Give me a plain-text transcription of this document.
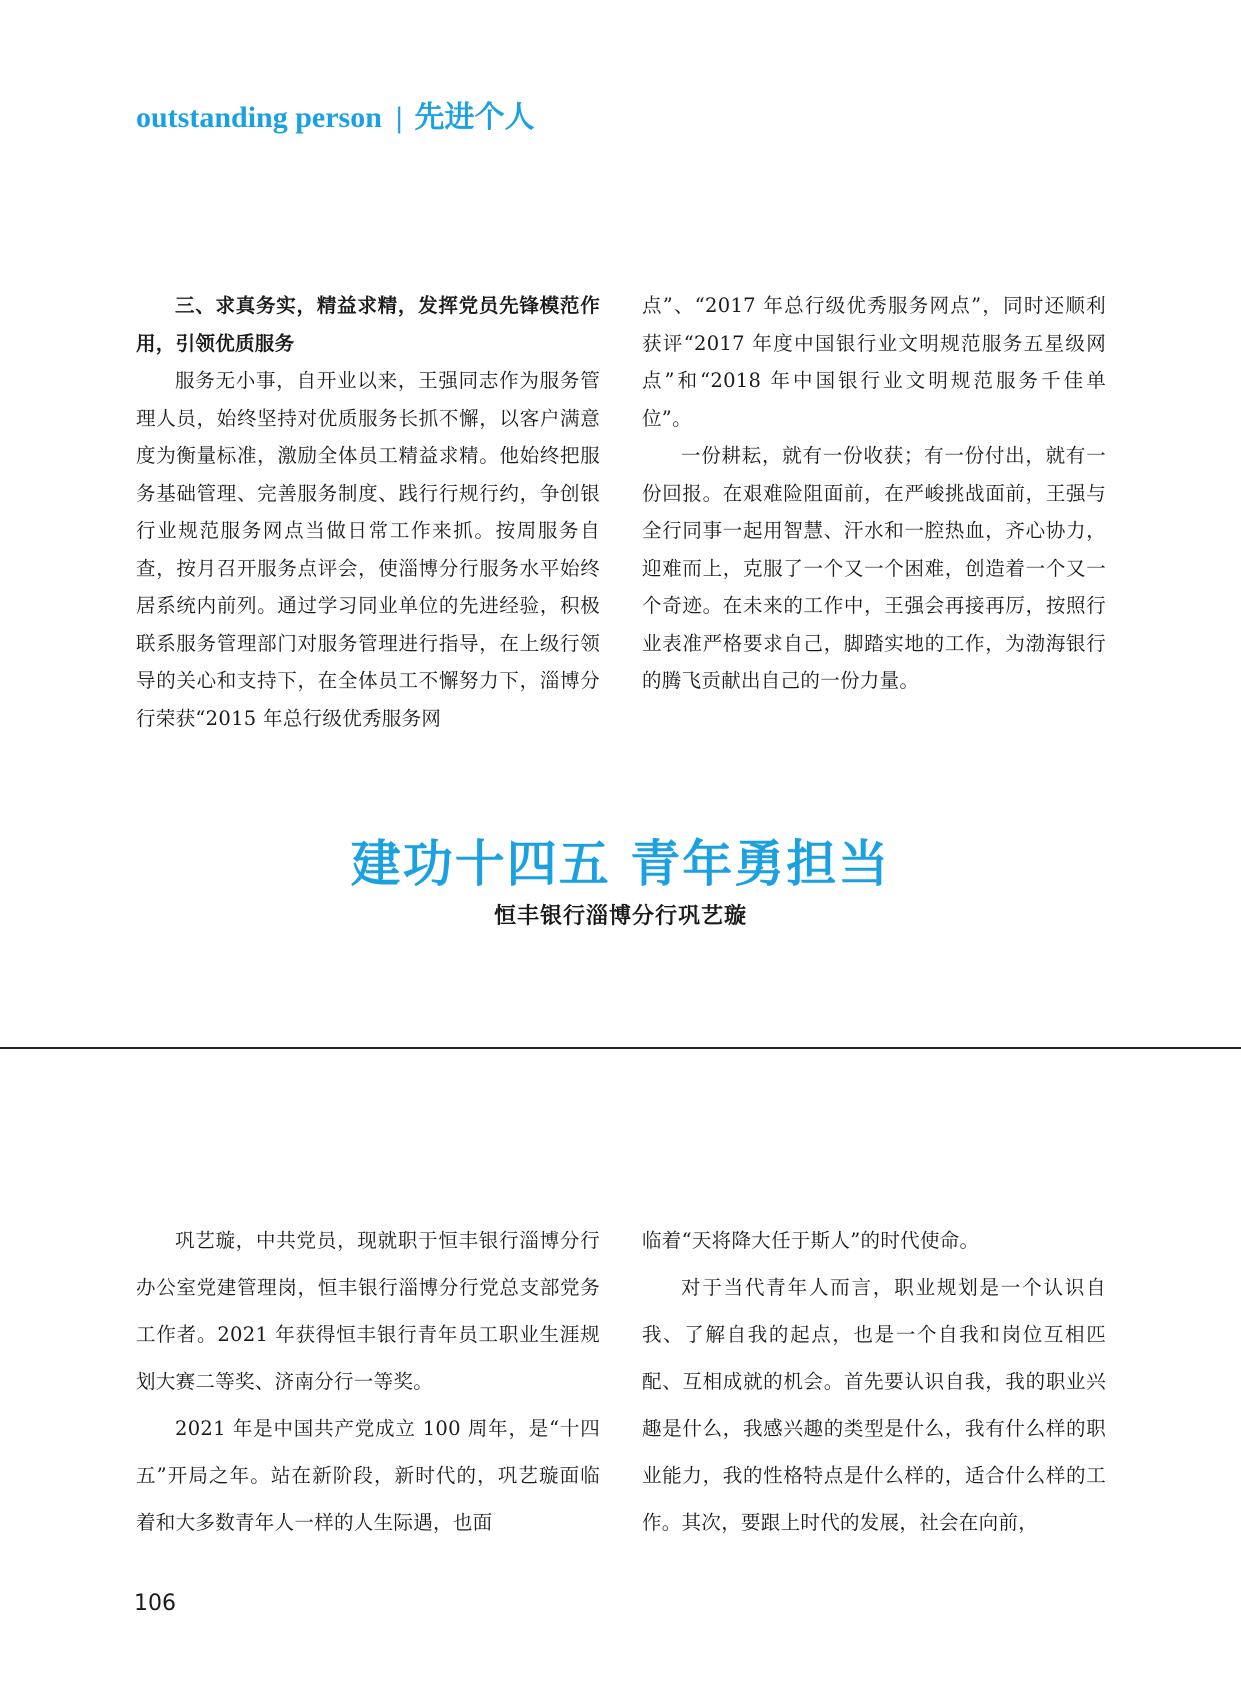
outstanding person | 先进个人

三、求真务实，精益求精，发挥党员先锋模范作用，引领优质服务

服务无小事，自开业以来，王强同志作为服务管理人员，始终坚持对优质服务长抓不懈，以客户满意度为衡量标准，激励全体员工精益求精。他始终把服务基础管理、完善服务制度、践行行规行约，争创银行业规范服务网点当做日常工作来抓。按周服务自查，按月召开服务点评会，使淄博分行服务水平始终居系统内前列。通过学习同业单位的先进经验，积极联系服务管理部门对服务管理进行指导，在上级行领导的关心和支持下，在全体员工不懈努力下，淄博分行荣获“2015 年总行级优秀服务网

点”、“2017 年总行级优秀服务网点”，同时还顺利获评“2017 年度中国银行业文明规范服务五星级网点”和“2018 年中国银行业文明规范服务千佳单位”。

一份耕耘，就有一份收获；有一份付出，就有一份回报。在艰难险阻面前，在严峻挑战面前，王强与全行同事一起用智慧、汗水和一腔热血，齐心协力，迎难而上，克服了一个又一个困难，创造着一个又一个奇迹。在未来的工作中，王强会再接再厉，按照行业表准严格要求自己，脚踏实地的工作，为渤海银行的腾飞贡献出自己的一份力量。

建功十四五 青年勇担当
恒丰银行淄博分行巩艺璇

巩艺璇，中共党员，现就职于恒丰银行淄博分行办公室党建管理岗，恒丰银行淄博分行党总支部党务工作者。2021 年获得恒丰银行青年员工职业生涯规划大赛二等奖、济南分行一等奖。

2021 年是中国共产党成立 100 周年，是“十四五”开局之年。站在新阶段，新时代的，巩艺璇面临着和大多数青年人一样的人生际遇，也面

临着“天将降大任于斯人”的时代使命。

对于当代青年人而言，职业规划是一个认识自我、了解自我的起点，也是一个自我和岗位互相匹配、互相成就的机会。首先要认识自我，我的职业兴趣是什么，我感兴趣的类型是什么，我有什么样的职业能力，我的性格特点是什么样的，适合什么样的工作。其次，要跟上时代的发展，社会在向前，

106
